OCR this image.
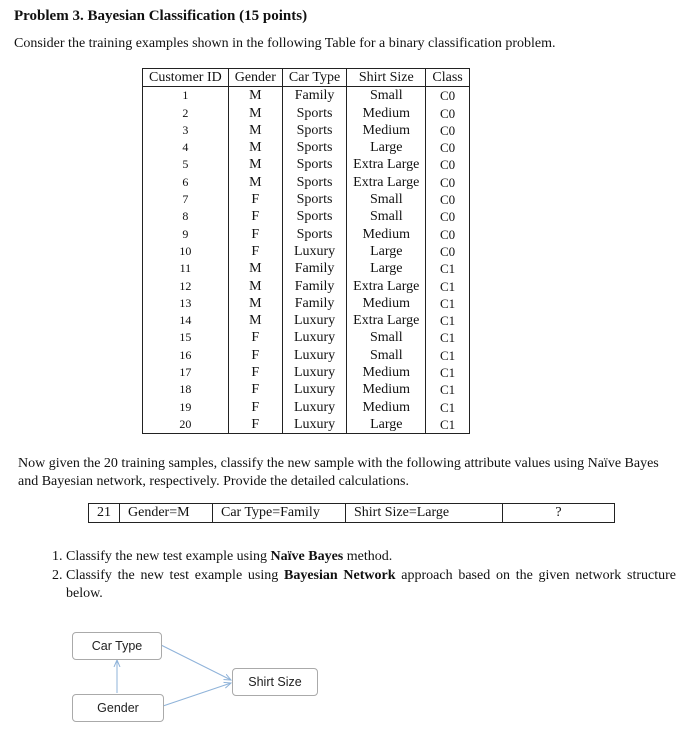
Problem 3. Bayesian Classification (15 points)
Consider the training examples shown in the following Table for a binary classification problem.
Customer ID	Gender	Car Type	Shirt Size	Class
1	M	Family	Small	C0
2	M	Sports	Medium	C0
3	M	Sports	Medium	C0
4	M	Sports	Large	C0
5	M	Sports	Extra Large	C0
6	M	Sports	Extra Large	C0
7	F	Sports	Small	C0
8	F	Sports	Small	C0
9	F	Sports	Medium	C0
10	F	Luxury	Large	C0
11	M	Family	Large	C1
12	M	Family	Extra Large	C1
13	M	Family	Medium	C1
14	M	Luxury	Extra Large	C1
15	F	Luxury	Small	C1
16	F	Luxury	Small	C1
17	F	Luxury	Medium	C1
18	F	Luxury	Medium	C1
19	F	Luxury	Medium	C1
20	F	Luxury	Large	C1
Now given the 20 training samples, classify the new sample with the following attribute values using Naïve Bayes and Bayesian network, respectively. Provide the detailed calculations.
21	Gender=M	Car Type=Family	Shirt Size=Large	?
1. Classify the new test example using Naïve Bayes method.
2. Classify the new test example using Bayesian Network approach based on the given network structure below.
Car Type
Gender
Shirt Size
